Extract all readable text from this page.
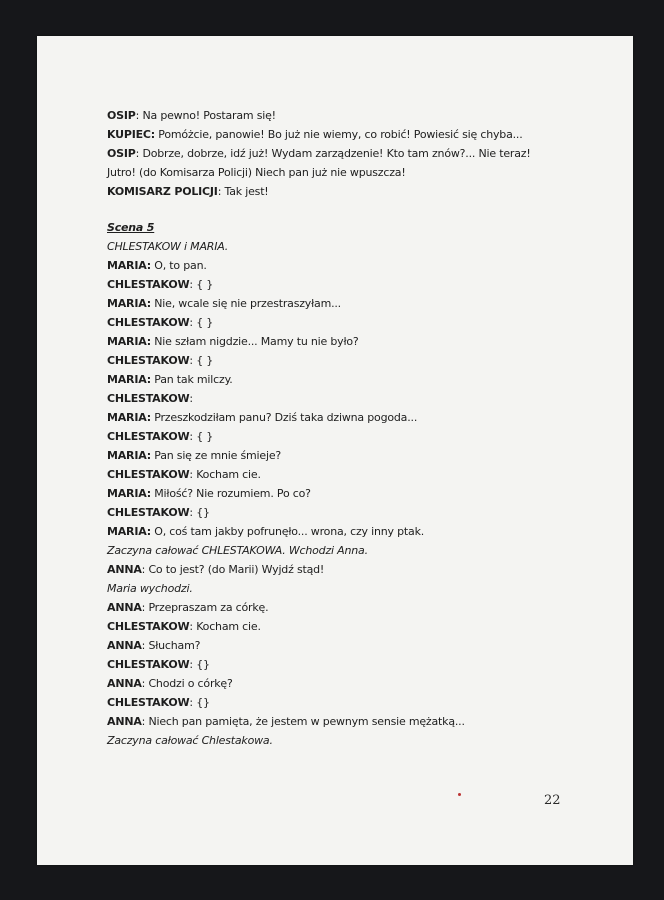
OSIP: Na pewno! Postaram się!
KUPIEC: Pomóżcie, panowie! Bo już nie wiemy, co robić! Powiesić się chyba...
OSIP: Dobrze, dobrze, idź już! Wydam zarządzenie! Kto tam znów?... Nie teraz! Jutro! (do Komisarza Policji) Niech pan już nie wpuszcza!
KOMISARZ POLICJI: Tak jest!
Scena 5
CHLESTAKOW i MARIA.
MARIA: O, to pan.
CHLESTAKOW: { }
MARIA: Nie, wcale się nie przestraszyłam...
CHLESTAKOW: { }
MARIA: Nie szłam nigdzie... Mamy tu nie było?
CHLESTAKOW: { }
MARIA: Pan tak milczy.
CHLESTAKOW:
MARIA: Przeszkodziłam panu? Dziś taka dziwna pogoda...
CHLESTAKOW: { }
MARIA: Pan się ze mnie śmieje?
CHLESTAKOW: Kocham cie.
MARIA: Miłość? Nie rozumiem. Po co?
CHLESTAKOW: {}
MARIA: O, coś tam jakby pofrunęło... wrona, czy inny ptak.
Zaczyna całować CHLESTAKOWA. Wchodzi Anna.
ANNA: Co to jest? (do Marii) Wyjdź stąd!
Maria wychodzi.
ANNA: Przepraszam za córkę.
CHLESTAKOW: Kocham cie.
ANNA: Słucham?
CHLESTAKOW: {}
ANNA: Chodzi o córkę?
CHLESTAKOW: {}
ANNA: Niech pan pamięta, że jestem w pewnym sensie mężatką...
Zaczyna całować Chlestakowa.
22
